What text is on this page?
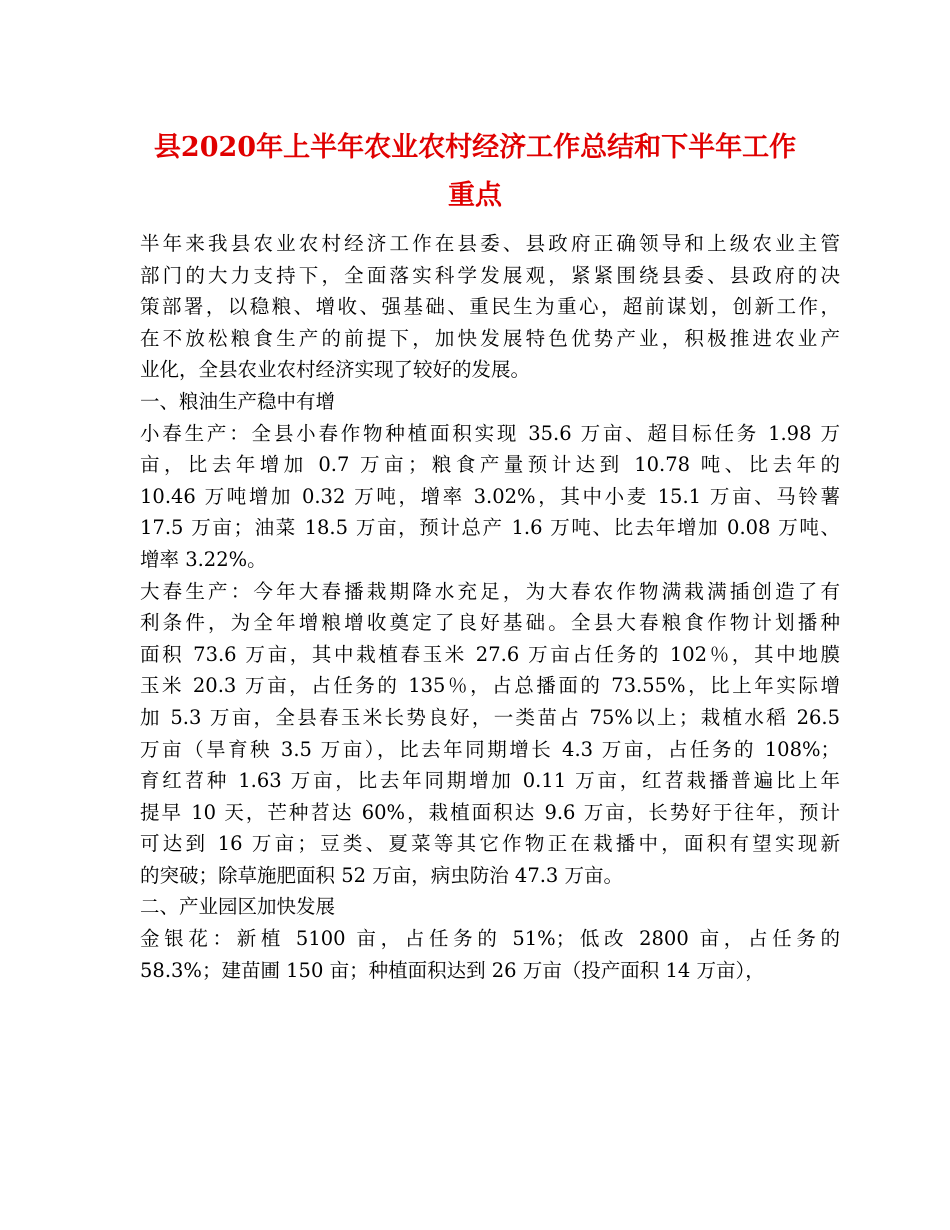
县2020年上半年农业农村经济工作总结和下半年工作
重点
半年来我县农业农村经济工作在县委、县政府正确领导和上级农业主管
部门的大力支持下，全面落实科学发展观，紧紧围绕县委、县政府的决
策部署，以稳粮、增收、强基础、重民生为重心，超前谋划，创新工作，
在不放松粮食生产的前提下，加快发展特色优势产业，积极推进农业产
业化，全县农业农村经济实现了较好的发展。
一、粮油生产稳中有增
小春生产：全县小春作物种植面积实现 35.6 万亩、超目标任务 1.98 万
亩，比去年增加 0.7 万亩；粮食产量预计达到 10.78 吨、比去年的
10.46 万吨增加 0.32 万吨，增率 3.02%，其中小麦 15.1 万亩、马铃薯
17.5 万亩；油菜 18.5 万亩，预计总产 1.6 万吨、比去年增加 0.08 万吨、
增率 3.22%。
大春生产：今年大春播栽期降水充足，为大春农作物满栽满插创造了有
利条件，为全年增粮增收奠定了良好基础。全县大春粮食作物计划播种
面积 73.6 万亩，其中栽植春玉米 27.6 万亩占任务的 102％，其中地膜
玉米 20.3 万亩，占任务的 135％，占总播面的 73.55%，比上年实际增
加 5.3 万亩，全县春玉米长势良好，一类苗占 75%以上；栽植水稻 26.5
万亩（旱育秧 3.5 万亩），比去年同期增长 4.3 万亩，占任务的 108%；
育红苕种 1.63 万亩，比去年同期增加 0.11 万亩，红苕栽播普遍比上年
提早 10 天，芒种苕达 60%，栽植面积达 9.6 万亩，长势好于往年，预计
可达到 16 万亩；豆类、夏菜等其它作物正在栽播中，面积有望实现新
的突破；除草施肥面积 52 万亩，病虫防治 47.3 万亩。
二、产业园区加快发展
金银花：新植 5100 亩，占任务的 51%；低改 2800 亩，占任务的
58.3%；建苗圃 150 亩；种植面积达到 26 万亩（投产面积 14 万亩），
